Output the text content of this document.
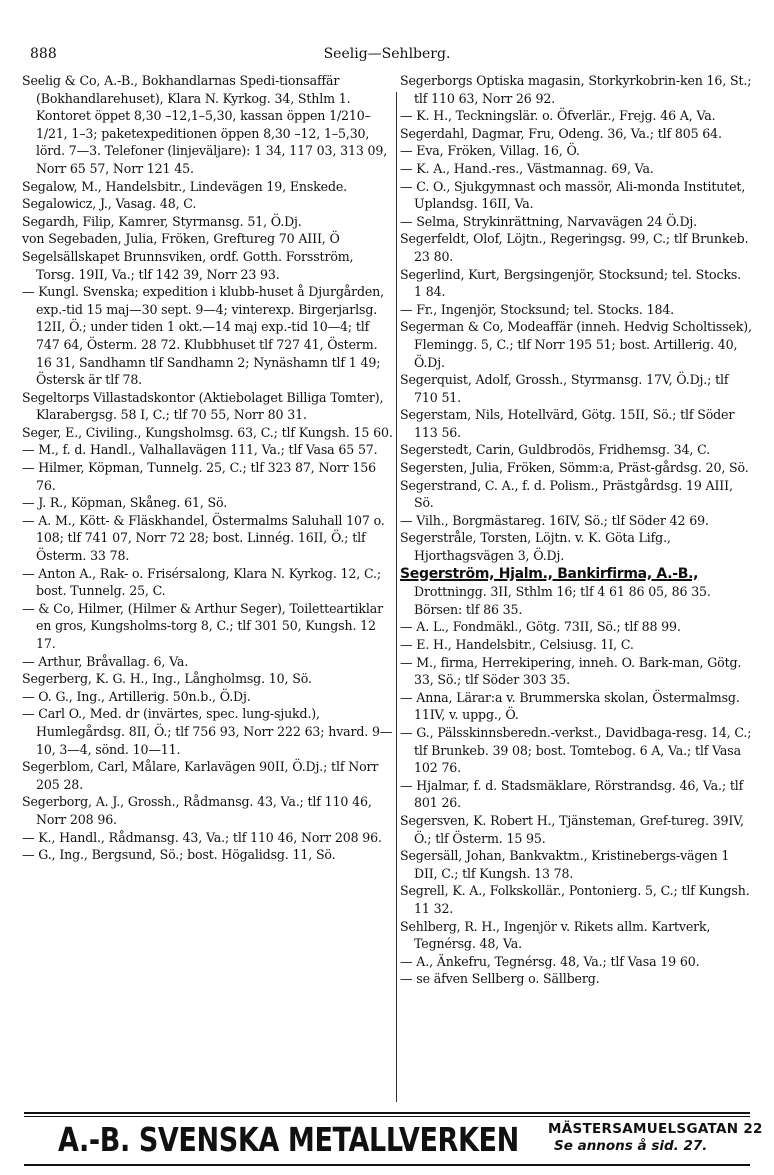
888	Seelig—Sehlberg.

Seelig & Co, A.-B., Bokhandlarnas Spedi-tionsaffär (Bokhandlarehuset), Klara N. Kyrkog. 34, Sthlm 1. Kontoret öppet 8,30 –12,1–5,30, kassan öppen 1/210–1/21, 1–3; paketexpeditionen öppen 8,30 –12, 1–5,30, lörd. 7—3. Telefoner (linjeväljare): 1 34, 117 03, 313 09, Norr 65 57, Norr 121 45.

Segalow, M., Handelsbitr., Lindevägen 19, Enskede.

Segalowicz, J., Vasag. 48, C.

Segardh, Filip, Kamrer, Styrmansg. 51, Ö.Dj.

von Segebaden, Julia, Fröken, Greftureg 70 AIII, Ö

Segelsällskapet Brunnsviken, ordf. Gotth. Forsström, Torsg. 19II, Va.; tlf 142 39, Norr 23 93.

— Kungl. Svenska; expedition i klubb-huset å Djurgården, exp.-tid 15 maj—30 sept. 9—4; vinterexp. Birgerjarlsg. 12II, Ö.; under tiden 1 okt.—14 maj exp.-tid 10—4; tlf 747 64, Österm. 28 72. Klubbhuset tlf 727 41, Österm. 16 31, Sandhamn tlf Sandhamn 2; Nynäshamn tlf 1 49; Östersk är tlf 78.

Segeltorps Villastadskontor (Aktiebolaget Billiga Tomter), Klarabergsg. 58 I, C.; tlf 70 55, Norr 80 31.

Seger, E., Civiling., Kungsholmsg. 63, C.; tlf Kungsh. 15 60.

— M., f. d. Handl., Valhallavägen 111, Va.; tlf Vasa 65 57.

— Hilmer, Köpman, Tunnelg. 25, C.; tlf 323 87, Norr 156 76.

— J. R., Köpman, Skåneg. 61, Sö.

— A. M., Kött- & Fläskhandel, Östermalms Saluhall 107 o. 108; tlf 741 07, Norr 72 28; bost. Linnég. 16II, Ö.; tlf Österm. 33 78.

— Anton A., Rak- o. Frisérsalong, Klara N. Kyrkog. 12, C.; bost. Tunnelg. 25, C.

— & Co, Hilmer, (Hilmer & Arthur Seger), Toiletteartiklar en gros, Kungsholms-torg 8, C.; tlf 301 50, Kungsh. 12 17.

— Arthur, Bråvallag. 6, Va.

Segerberg, K. G. H., Ing., Långholmsg. 10, Sö.

— O. G., Ing., Artillerig. 50n.b., Ö.Dj.

— Carl O., Med. dr (invärtes, spec. lung-sjukd.), Humlegårdsg. 8II, Ö.; tlf 756 93, Norr 222 63; hvard. 9—10, 3—4, sönd. 10—11.

Segerblom, Carl, Målare, Karlavägen 90II, Ö.Dj.; tlf Norr 205 28.

Segerborg, A. J., Grossh., Rådmansg. 43, Va.; tlf 110 46, Norr 208 96.

— K., Handl., Rådmansg. 43, Va.; tlf 110 46, Norr 208 96.

— G., Ing., Bergsund, Sö.; bost. Högalidsg. 11, Sö.

Segerborgs Optiska magasin, Storkyrkobrin-ken 16, St.; tlf 110 63, Norr 26 92.

— K. H., Teckningslär. o. Öfverlär., Frejg. 46 A, Va.

Segerdahl, Dagmar, Fru, Odeng. 36, Va.; tlf 805 64.

— Eva, Fröken, Villag. 16, Ö.

— K. A., Hand.-res., Västmannag. 69, Va.

— C. O., Sjukgymnast och massör, Ali-monda Institutet, Uplandsg. 16II, Va.

— Selma, Strykinrättning, Narvavägen 24 Ö.Dj.

Segerfeldt, Olof, Löjtn., Regeringsg. 99, C.; tlf Brunkeb. 23 80.

Segerlind, Kurt, Bergsingenjör, Stocksund; tel. Stocks. 1 84.

— Fr., Ingenjör, Stocksund; tel. Stocks. 184.

Segerman & Co, Modeaffär (inneh. Hedvig Scholtissek), Flemingg. 5, C.; tlf Norr 195 51; bost. Artillerig. 40, Ö.Dj.

Segerquist, Adolf, Grossh., Styrmansg. 17V, Ö.Dj.; tlf 710 51.

Segerstam, Nils, Hotellvärd, Götg. 15II, Sö.; tlf Söder 113 56.

Segerstedt, Carin, Guldbrodös, Fridhemsg. 34, C.

Segersten, Julia, Fröken, Sömm:a, Präst-gårdsg. 20, Sö.

Segerstrand, C. A., f. d. Polism., Prästgårdsg. 19 AIII, Sö.

— Vilh., Borgmästareg. 16IV, Sö.; tlf Söder 42 69.

Segerstråle, Torsten, Löjtn. v. K. Göta Lifg., Hjorthagsvägen 3, Ö.Dj.

Segerström, Hjalm., Bankirfirma, A.-B., Drottningg. 3II, Sthlm 16; tlf 4 61 86 05, 86 35. Börsen: tlf 86 35.

— A. L., Fondmäkl., Götg. 73II, Sö.; tlf 88 99.

— E. H., Handelsbitr., Celsiusg. 1I, C.

— M., firma, Herrekipering, inneh. O. Bark-man, Götg. 33, Sö.; tlf Söder 303 35.

— Anna, Lärar:a v. Brummerska skolan, Östermalmsg. 11IV, v. uppg., Ö.

— G., Pälsskinnsberedn.-verkst., Davidbaga-resg. 14, C.; tlf Brunkeb. 39 08; bost. Tomtebog. 6 A, Va.; tlf Vasa 102 76.

— Hjalmar, f. d. Stadsmäklare, Rörstrandsg. 46, Va.; tlf 801 26.

Segersven, K. Robert H., Tjänsteman, Gref-tureg. 39IV, Ö.; tlf Österm. 15 95.

Segersäll, Johan, Bankvaktm., Kristinebergs-vägen 1 DII, C.; tlf Kungsh. 13 78.

Segrell, K. A., Folkskollär., Pontonierg. 5, C.; tlf Kungsh. 11 32.

Sehlberg, R. H., Ingenjör v. Rikets allm. Kartverk, Tegnérsg. 48, Va.

— A., Änkefru, Tegnérsg. 48, Va.; tlf Vasa 19 60.

— se äfven Sellberg o. Sällberg.

A.-B. SVENSKA METALLVERKEN MÄSTERSAMUELSGATAN 22
Se annons å sid. 27.
